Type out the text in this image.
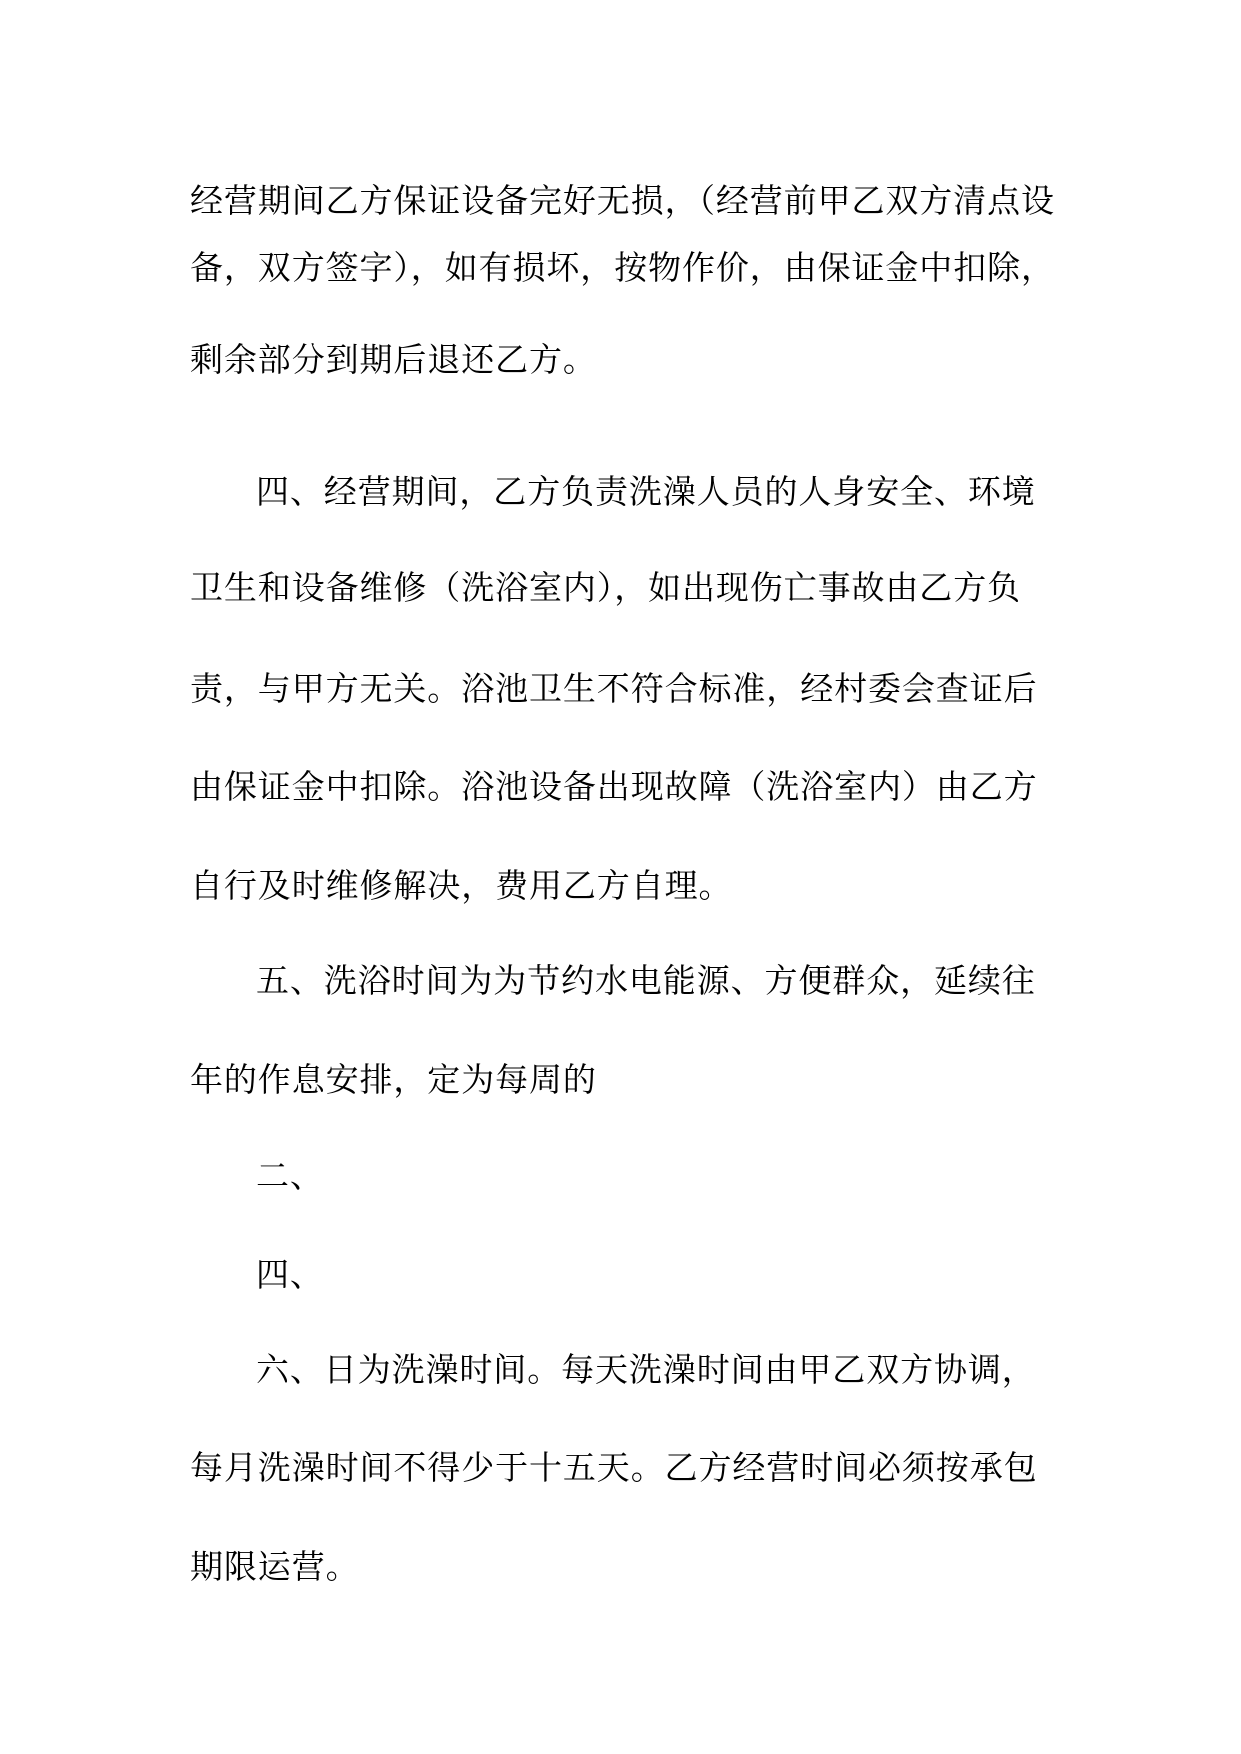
经营期间乙方保证设备完好无损，（经营前甲乙双方清点设
备，双方签字），如有损坏，按物作价，由保证金中扣除，
剩余部分到期后退还乙方。
四、经营期间，乙方负责洗澡人员的人身安全、环境
卫生和设备维修（洗浴室内），如出现伤亡事故由乙方负
责，与甲方无关。浴池卫生不符合标准，经村委会查证后
由保证金中扣除。浴池设备出现故障（洗浴室内）由乙方
自行及时维修解决，费用乙方自理。
五、洗浴时间为为节约水电能源、方便群众，延续往
年的作息安排，定为每周的
二、
四、
六、日为洗澡时间。每天洗澡时间由甲乙双方协调，
每月洗澡时间不得少于十五天。乙方经营时间必须按承包
期限运营。
